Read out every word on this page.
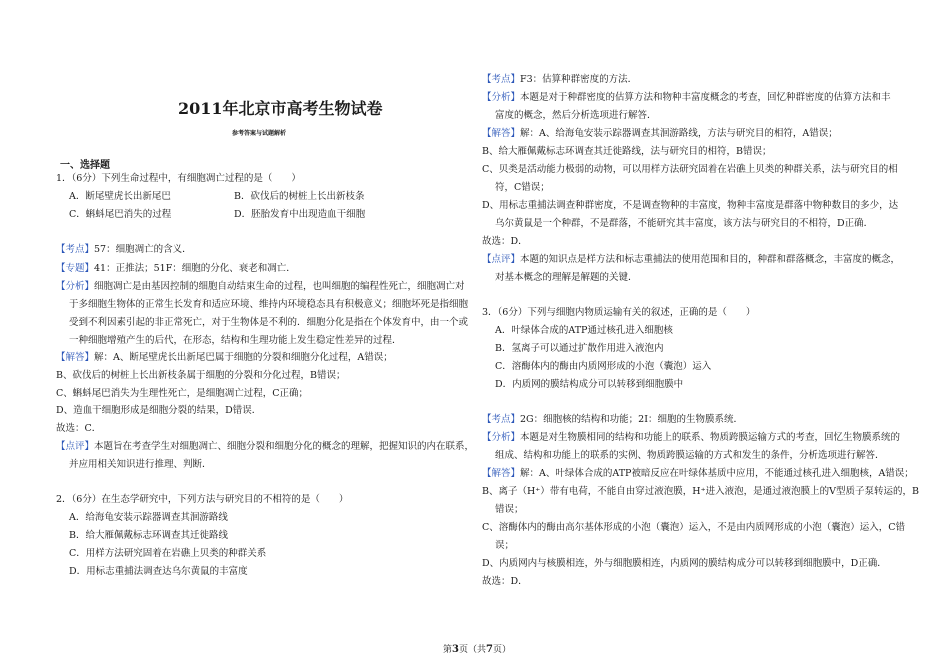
2011年北京市高考生物试卷
参考答案与试题解析
一、选择题
1．（6分）下列生命过程中，有细胞凋亡过程的是（　　）
A．断尾壁虎长出新尾巴	B．砍伐后的树桩上长出新枝条
C．蝌蚪尾巴消失的过程	D．胚胎发育中出现造血干细胞
【考点】57：细胞凋亡的含义．
【专题】41：正推法；51F：细胞的分化、衰老和凋亡．
【分析】细胞凋亡是由基因控制的细胞自动结束生命的过程，也叫细胞的编程性死亡，细胞凋亡对
于多细胞生物体的正常生长发育和适应环境、维持内环境稳态具有积极意义；细胞坏死是指细胞
受到不利因素引起的非正常死亡，对于生物体是不利的．细胞分化是指在个体发育中，由一个或
一种细胞增殖产生的后代，在形态，结构和生理功能上发生稳定性差异的过程．
【解答】解：A、断尾壁虎长出新尾巴属于细胞的分裂和细胞分化过程，A错误；
B、砍伐后的树桩上长出新枝条属于细胞的分裂和分化过程，B错误；
C、蝌蚪尾巴消失为生理性死亡，是细胞凋亡过程，C正确；
D、造血干细胞形成是细胞分裂的结果，D错误．
故选：C．
【点评】本题旨在考查学生对细胞凋亡、细胞分裂和细胞分化的概念的理解，把握知识的内在联系，
并应用相关知识进行推理、判断．
2．（6分）在生态学研究中，下列方法与研究目的不相符的是（　　）
A．给海龟安装示踪器调查其洄游路线
B．给大雁佩戴标志环调查其迁徙路线
C．用样方法研究固着在岩礁上贝类的种群关系
D．用标志重捕法调查达乌尔黄鼠的丰富度
【考点】F3：估算种群密度的方法．
【分析】本题是对于种群密度的估算方法和物种丰富度概念的考查，回忆种群密度的估算方法和丰
富度的概念，然后分析选项进行解答．
【解答】解：A、给海龟安装示踪器调查其洄游路线，方法与研究目的相符，A错误；
B、给大雁佩戴标志环调查其迁徙路线，法与研究目的相符，B错误；
C、贝类是活动能力极弱的动物，可以用样方法研究固着在岩礁上贝类的种群关系，法与研究目的相
符，C错误；
D、用标志重捕法调查种群密度，不是调查物种的丰富度，物种丰富度是群落中物种数目的多少，达
乌尔黄鼠是一个种群，不是群落，不能研究其丰富度，该方法与研究目的不相符，D正确．
故选：D．
【点评】本题的知识点是样方法和标志重捕法的使用范围和目的，种群和群落概念，丰富度的概念，
对基本概念的理解是解题的关键．
3．（6分）下列与细胞内物质运输有关的叙述，正确的是（　　）
A．叶绿体合成的ATP通过核孔进入细胞核
B．氢离子可以通过扩散作用进入液泡内
C．溶酶体内的酶由内质网形成的小泡（囊泡）运入
D．内质网的膜结构成分可以转移到细胞膜中
【考点】2G：细胞核的结构和功能；2I：细胞的生物膜系统．
【分析】本题是对生物膜相同的结构和功能上的联系、物质跨膜运输方式的考查，回忆生物膜系统的
组成、结构和功能上的联系的实例、物质跨膜运输的方式和发生的条件，分析选项进行解答．
【解答】解：A、叶绿体合成的ATP被暗反应在叶绿体基质中应用，不能通过核孔进入细胞核，A错误；
B、离子（H⁺）带有电荷，不能自由穿过液泡膜，H⁺进入液泡，是通过液泡膜上的V型质子泵转运的，B
错误；
C、溶酶体内的酶由高尔基体形成的小泡（囊泡）运入，不是由内质网形成的小泡（囊泡）运入，C错
误；
D、内质网内与核膜相连，外与细胞膜相连，内质网的膜结构成分可以转移到细胞膜中，D正确．
故选：D．
第3页（共7页）
